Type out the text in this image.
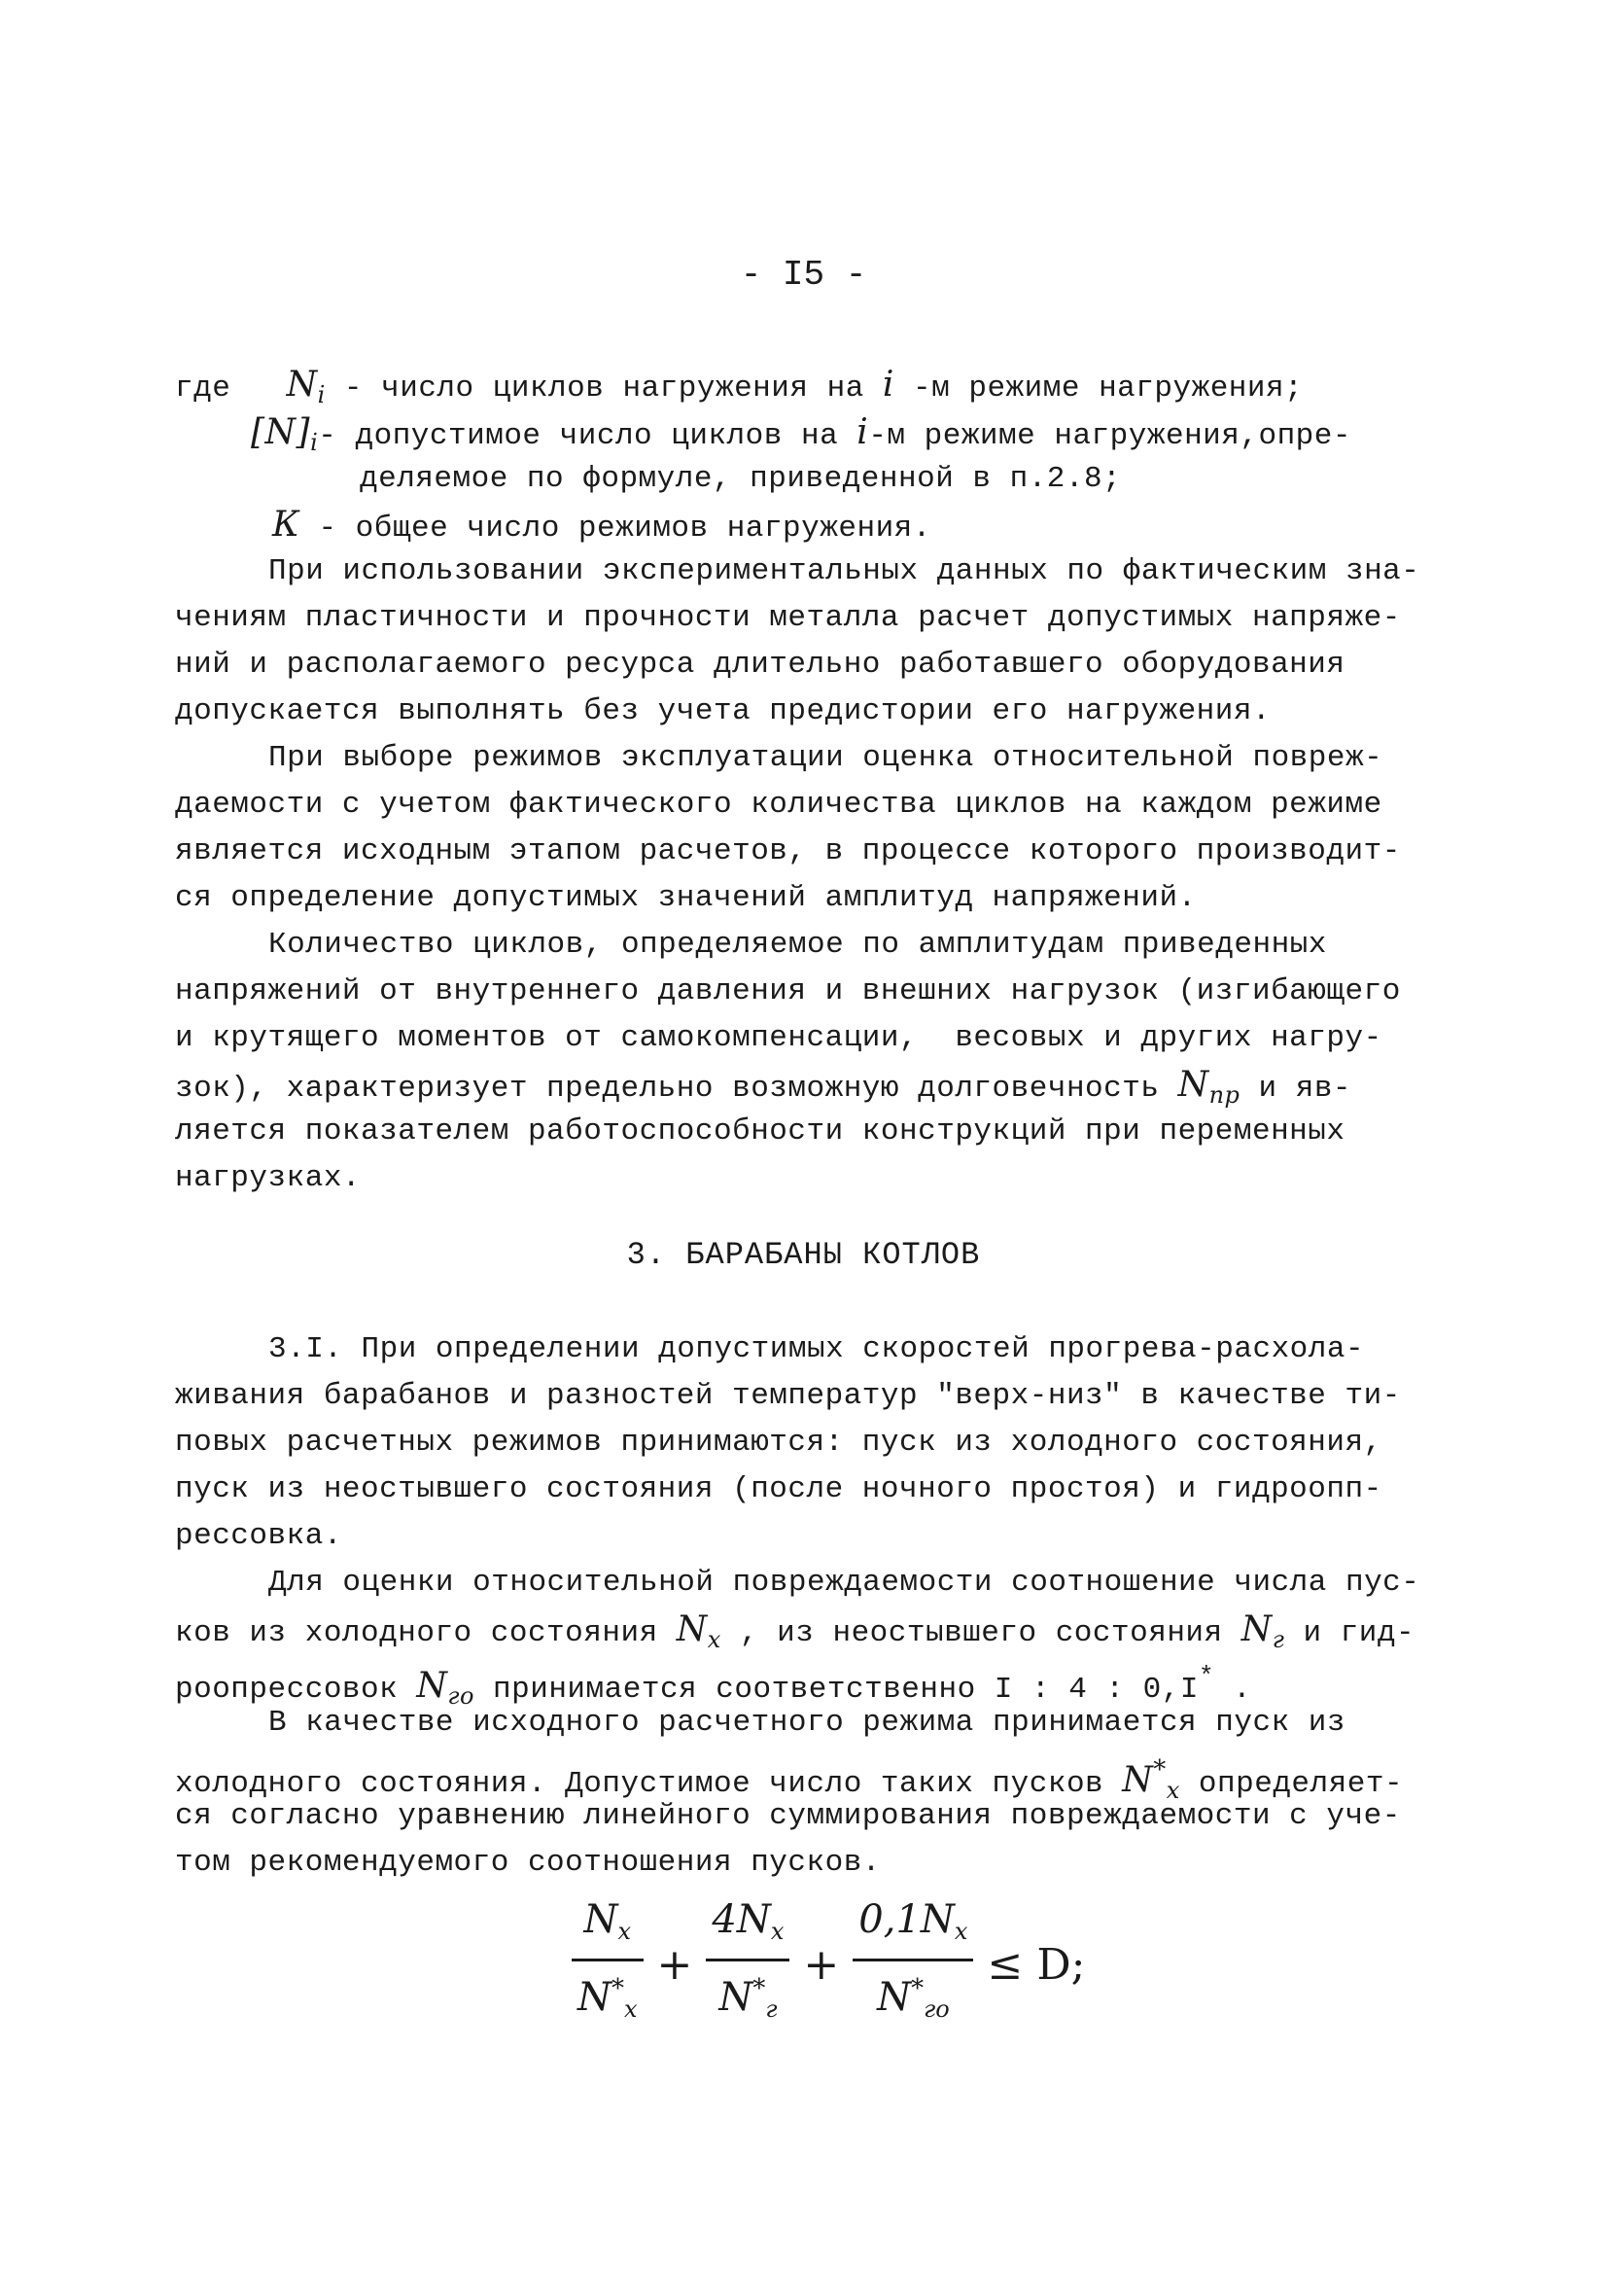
- I5 -
где $N_i$ - число циклов нагружения на i -м режиме нагружения;
$[N]_i-$ допустимое число циклов на i-м режиме нагружения,опре-
деляемое по формуле, приведенной в п.2.8;
К - общее число режимов нагружения.
При использовании экспериментальных данных по фактическим зна-
чениям пластичности и прочности металла расчет допустимых напряже-
ний и располагаемого ресурса длительно работавшего оборудования
допускается выполнять без учета предистории его нагружения.
При выборе режимов эксплуатации оценка относительной повреж-
даемости с учетом фактического количества циклов на каждом режиме
является исходным этапом расчетов, в процессе которого производит-
ся определение допустимых значений амплитуд напряжений.
Количество циклов, определяемое по амплитудам приведенных
напряжений от внутреннего давления и внешних нагрузок (изгибающего
и крутящего моментов от самокомпенсации,  весовых и других нагру-
зок), характеризует предельно возможную долговечность $N_{пр}$ и яв-
ляется показателем работоспособности конструкций при переменных
нагрузках.
3. БАРАБАНЫ КОТЛОВ
3.I. При определении допустимых скоростей прогрева-расхола-
живания барабанов и разностей температур "верх-низ" в качестве ти-
повых расчетных режимов принимаются: пуск из холодного состояния,
пуск из неостывшего состояния (после ночного простоя) и гидроопп-
рессовка.
Для оценки относительной повреждаемости соотношение числа пус-
ков из холодного состояния $N_x$ , из неостывшего состояния $N_г$ и гид-
роопрессовок $N_{го}$ принимается соответственно I : 4 : 0,I* .
В качестве исходного расчетного режима принимается пуск из
холодного состояния. Допустимое число таких пусков $N^*_x$ определяет-
ся согласно уравнению линейного суммирования повреждаемости с уче-
том рекомендуемого соотношения пусков.
$\frac{N_x}{N^*_x} + \frac{4N_x}{N^*_г} + \frac{0,1N_x}{N^*_{го}} \le D$;
